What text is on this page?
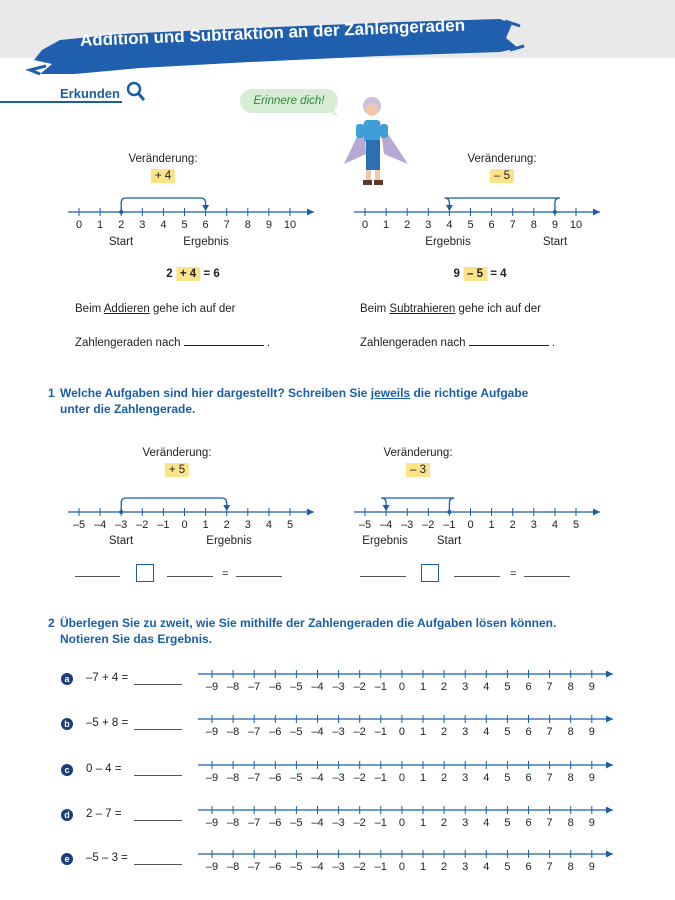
Addition und Subtraktion an der Zahlengeraden
Erkunden	Erinnere dich!
Veränderung:
+ 4
0 1 2 3 4 5 6 7 8 9 10
Start	Ergebnis
2 + 4 = 6
Beim Addieren gehe ich auf der
Zahlengeraden nach	.
Veränderung:
– 5
0 1 2 3 4 5 6 7 8 9 10
Ergebnis	Start
9 – 5 = 4
Beim Subtrahieren gehe ich auf der
Zahlengeraden nach	.
1 Welche Aufgaben sind hier dargestellt? Schreiben Sie jeweils die richtige Aufgabe
unter die Zahlengerade.
Veränderung:
+ 5
–5 –4 –3 –2 –1 0 1 2 3 4 5
Start	Ergebnis
=
Veränderung:
– 3
–5 –4 –3 –2 –1 0 1 2 3 4 5
Ergebnis	Start
=
2 Überlegen Sie zu zweit, wie Sie mithilfe der Zahlengeraden die Aufgaben lösen können.
Notieren Sie das Ergebnis.
a	–7 + 4 =
b –5 + 8 =
c	0 – 4 =
d 2 – 7 =
e	–5 – 3 =
–9 –8 –7 –6 –5 –4 –3 –2 –1 0 1 2 3 4 5 6 7 8 9
–9 –8 –7 –6 –5 –4 –3 –2 –1 0 1 2 3 4 5 6 7 8 9
–9 –8 –7 –6 –5 –4 –3 –2 –1 0 1 2 3 4 5 6 7 8 9
–9 –8 –7 –6 –5 –4 –3 –2 –1 0 1 2 3 4 5 6 7 8 9
–9 –8 –7 –6 –5 –4 –3 –2 –1 0 1 2 3 4 5 6 7 8 9
